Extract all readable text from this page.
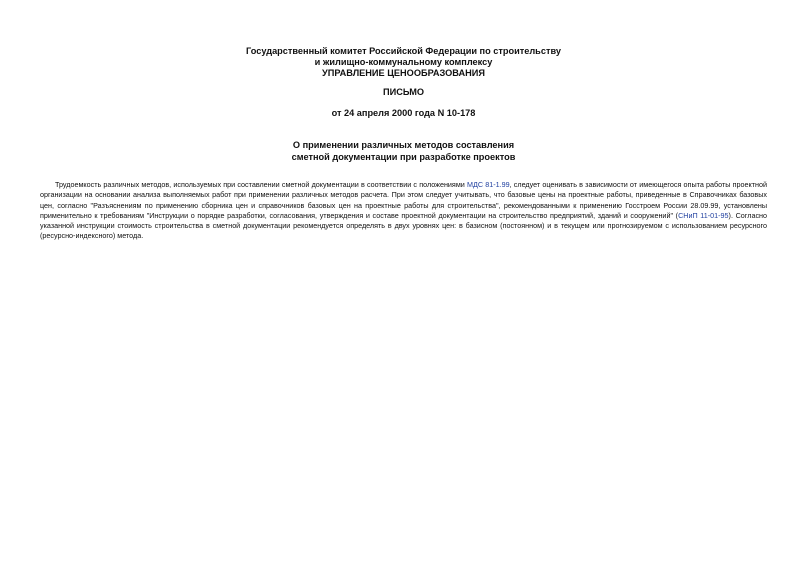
Государственный комитет Российской Федерации по строительству
и жилищно-коммунальному комплексу
УПРАВЛЕНИЕ ЦЕНООБРАЗОВАНИЯ
ПИСЬМО
от 24 апреля 2000 года N 10-178
О применении различных методов составления
сметной документации при разработке проектов

Трудоемкость различных методов, используемых при составлении сметной документации в соответствии с положениями МДС 81-1.99, следует оценивать в зависимости от имеющегося опыта работы проектной организации на основании анализа выполняемых работ при применении различных методов расчета. При этом следует учитывать, что базовые цены на проектные работы, приведенные в Справочниках базовых цен, согласно "Разъяснениям по применению сборника цен и справочников базовых цен на проектные работы для строительства", рекомендованными к применению Госстроем России 28.09.99, установлены применительно к требованиям "Инструкции о порядке разработки, согласования, утверждения и составе проектной документации на строительство предприятий, зданий и сооружений" (СНиП 11-01-95). Согласно указанной инструкции стоимость строительства в сметной документации рекомендуется определять в двух уровнях цен: в базисном (постоянном) и в текущем или прогнозируемом с использованием ресурсного (ресурсно-индексного) метода.
